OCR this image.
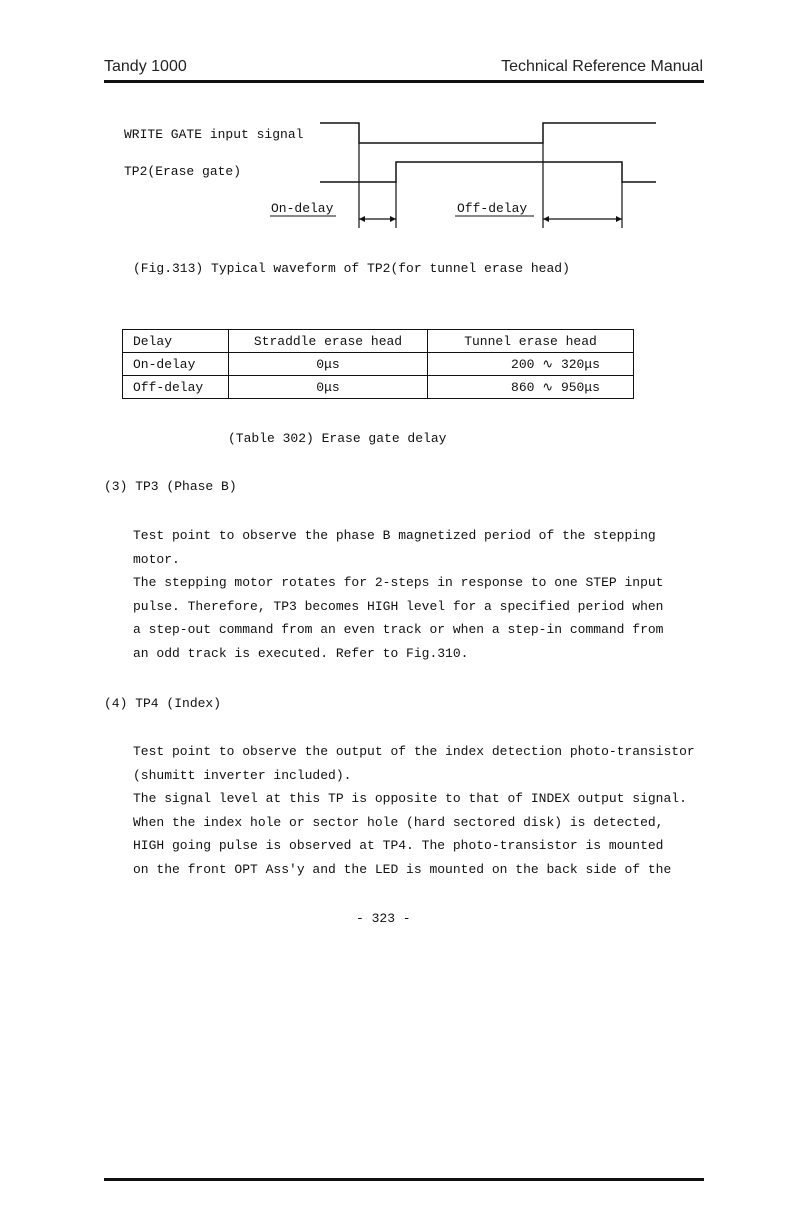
Tandy 1000	Technical Reference Manual
WRITE GATE input signal
TP2(Erase gate)
On-delay	Off-delay
(Fig.313) Typical waveform of TP2(for tunnel erase head)
Delay	Straddle erase head	Tunnel erase head
On-delay	0μs	200 ∿ 320μs
Off-delay	0μs	860 ∿ 950μs
(Table 302) Erase gate delay
(3) TP3 (Phase B)

Test point to observe the phase B magnetized period of the stepping

motor.

The stepping motor rotates for 2-steps in response to one STEP input

pulse. Therefore, TP3 becomes HIGH level for a specified period when

a step-out command from an even track or when a step-in command from

an odd track is executed. Refer to Fig.310.

(4) TP4 (Index)

Test point to observe the output of the index detection photo-transistor

(shumitt inverter included).

The signal level at this TP is opposite to that of INDEX output signal.

When the index hole or sector hole (hard sectored disk) is detected,

HIGH going pulse is observed at TP4. The photo-transistor is mounted

on the front OPT Ass'y and the LED is mounted on the back side of the

- 323 -
